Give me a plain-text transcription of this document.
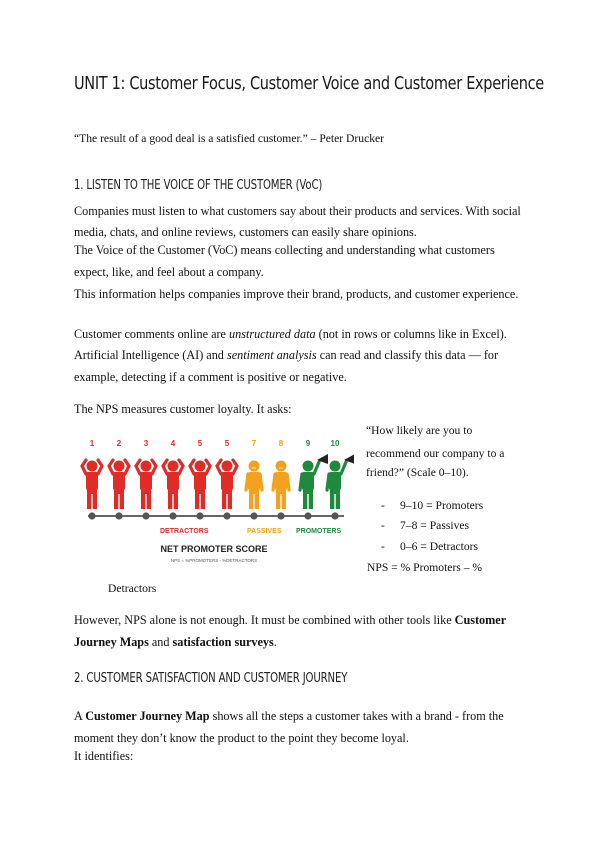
UNIT 1: Customer Focus, Customer Voice and Customer Experience
“The result of a good deal is a satisfied customer.” – Peter Drucker
1. LISTEN TO THE VOICE OF THE CUSTOMER (VoC)
Companies must listen to what customers say about their products and services. With social
media, chats, and online reviews, customers can easily share opinions.
The Voice of the Customer (VoC) means collecting and understanding what customers
expect, like, and feel about a company.
This information helps companies improve their brand, products, and customer experience.
Customer comments online are unstructured data (not in rows or columns like in Excel).
Artificial Intelligence (AI) and sentiment analysis can read and classify this data — for
example, detecting if a comment is positive or negative.
The NPS measures customer loyalty. It asks:
1	2	3	4	5	5	7	8	9	10
DETRACTORS	PASSIVES PROMOTERS
NET PROMOTER SCORE
NPS = %PROMOTERS - %DETRACTORS
“How likely are you to
recommend our company to a
friend?” (Scale 0–10).
- 9–10 = Promoters
- 7–8 = Passives
- 0–6 = Detractors
NPS = % Promoters – %
Detractors
However, NPS alone is not enough. It must be combined with other tools like Customer
Journey Maps and satisfaction surveys.
2. CUSTOMER SATISFACTION AND CUSTOMER JOURNEY
A Customer Journey Map shows all the steps a customer takes with a brand - from the
moment they don’t know the product to the point they become loyal.
It identifies:
